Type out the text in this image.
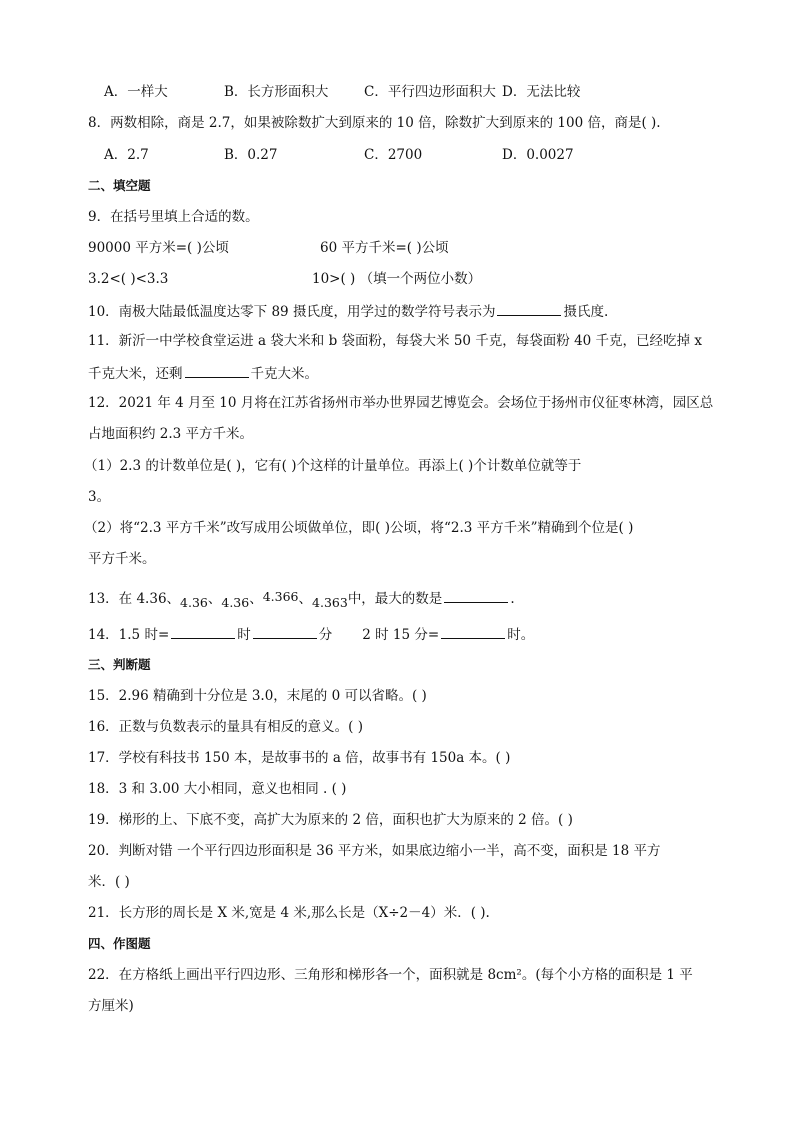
A．一样大	B．长方形面积大	C．平行四边形面积大 D．无法比较
8．两数相除，商是 2.7，如果被除数扩大到原来的 10 倍，除数扩大到原来的 100 倍，商是( ).
A．2.7	B．0.27	C．2700	D．0.0027
二、填空题
9．在括号里填上合适的数。
90000 平方米=( )公顷	60 平方千米=( )公顷
3.2<( )<3.3	10>( ) （填一个两位小数）
10．南极大陆最低温度达零下 89 摄氏度，用学过的数学符号表示为	摄氏度.
11．新沂一中学校食堂运进 a 袋大米和 b 袋面粉，每袋大米 50 千克，每袋面粉 40 千克，已经吃掉 x
千克大米，还剩	千克大米。
12．2021 年 4 月至 10 月将在江苏省扬州市举办世界园艺博览会。会场位于扬州市仪征枣林湾，园区总
占地面积约 2.3 平方千米。
（1）2.3 的计数单位是( )，它有( )个这样的计量单位。再添上( )个计数单位就等于
3。
（2）将“2.3 平方千米”改写成用公顷做单位，即( )公顷，将“2.3 平方千米”精确到个位是( )
平方千米。
13．在 4.36、4.36、4.36、4.366、4.363中，最大的数是	.
14．1.5 时=	时	分 2 时 15 分=	时。
三、判断题
15．2.96 精确到十分位是 3.0，末尾的 0 可以省略。( )
16．正数与负数表示的量具有相反的意义。( )
17．学校有科技书 150 本，是故事书的 a 倍，故事书有 150a 本。( )
18．3 和 3.00 大小相同，意义也相同 . ( )
19．梯形的上、下底不变，高扩大为原来的 2 倍，面积也扩大为原来的 2 倍。( )
20．判断对错 一个平行四边形面积是 36 平方米，如果底边缩小一半，高不变，面积是 18 平方
米．( )
21．长方形的周长是 X 米,宽是 4 米,那么长是（X÷2－4）米．( ).
四、作图题
22．在方格纸上画出平行四边形、三角形和梯形各一个，面积就是 8cm²。(每个小方格的面积是 1 平
方厘米)
